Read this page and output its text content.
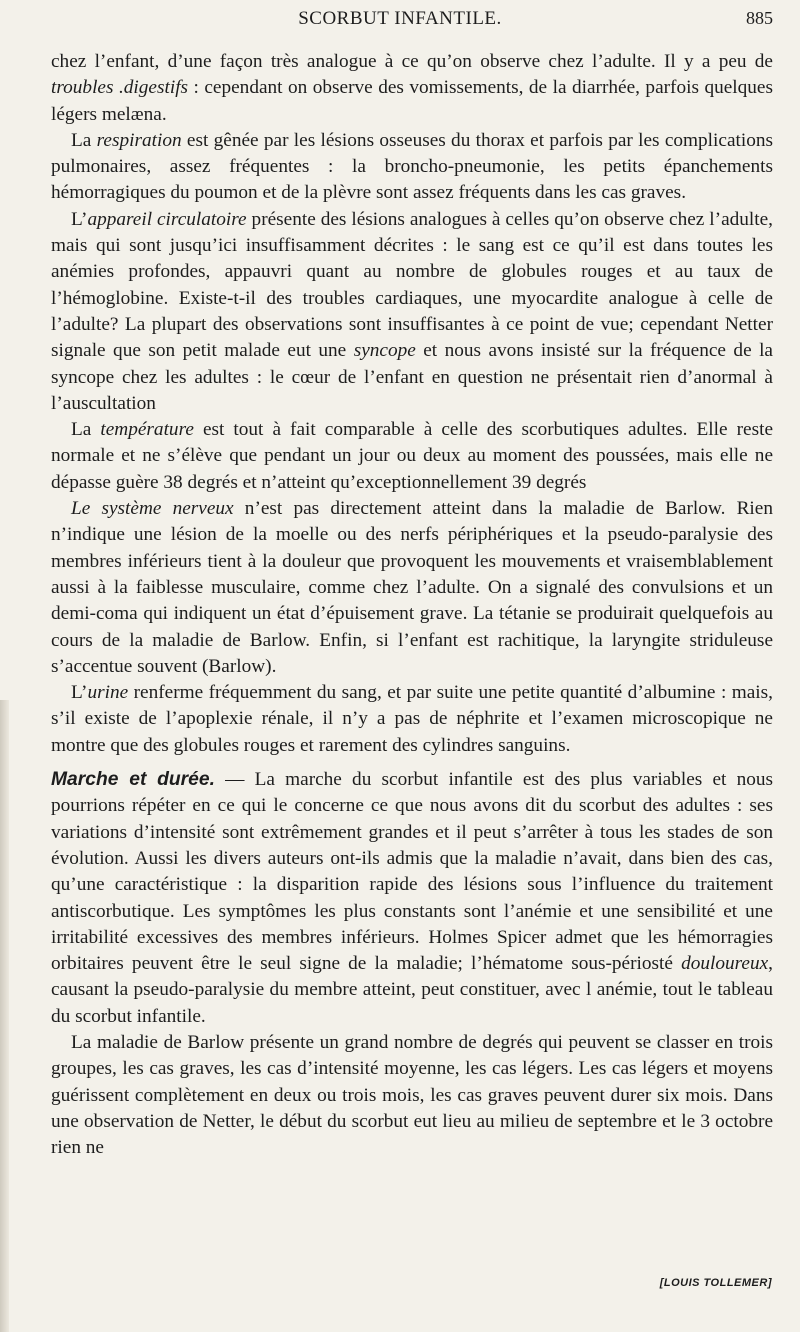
SCORBUT INFANTILE.	885

chez l’enfant, d’une façon très analogue à ce qu’on observe chez l’adulte. Il y a peu de troubles .digestifs : cependant on observe des vomissements, de la diarrhée, parfois quelques légers melæna.

La respiration est gênée par les lésions osseuses du thorax et parfois par les complications pulmonaires, assez fréquentes : la broncho-pneumonie, les petits épanchements hémorragiques du poumon et de la plèvre sont assez fréquents dans les cas graves.

L’appareil circulatoire présente des lésions analogues à celles qu’on observe chez l’adulte, mais qui sont jusqu’ici insuffisamment décrites : le sang est ce qu’il est dans toutes les anémies profondes, appauvri quant au nombre de globules rouges et au taux de l’hémoglobine. Existe-t-il des troubles cardiaques, une myocardite analogue à celle de l’adulte? La plupart des observations sont insuffisantes à ce point de vue; cependant Netter signale que son petit malade eut une syncope et nous avons insisté sur la fréquence de la syncope chez les adultes : le cœur de l’enfant en question ne présentait rien d’anormal à l’auscultation

La température est tout à fait comparable à celle des scorbutiques adultes. Elle reste normale et ne s’élève que pendant un jour ou deux au moment des poussées, mais elle ne dépasse guère 38 degrés et n’atteint qu’exceptionnellement 39 degrés

Le système nerveux n’est pas directement atteint dans la maladie de Barlow. Rien n’indique une lésion de la moelle ou des nerfs périphériques et la pseudo-paralysie des membres inférieurs tient à la douleur que provoquent les mouvements et vraisemblablement aussi à la faiblesse musculaire, comme chez l’adulte. On a signalé des convulsions et un demi-coma qui indiquent un état d’épuisement grave. La tétanie se produirait quelquefois au cours de la maladie de Barlow. Enfin, si l’enfant est rachitique, la laryngite striduleuse s’accentue souvent (Barlow).

L’urine renferme fréquemment du sang, et par suite une petite quantité d’albumine : mais, s’il existe de l’apoplexie rénale, il n’y a pas de néphrite et l’examen microscopique ne montre que des globules rouges et rarement des cylindres sanguins.

Marche et durée. — La marche du scorbut infantile est des plus variables et nous pourrions répéter en ce qui le concerne ce que nous avons dit du scorbut des adultes : ses variations d’intensité sont extrêmement grandes et il peut s’arrêter à tous les stades de son évolution. Aussi les divers auteurs ont-ils admis que la maladie n’avait, dans bien des cas, qu’une caractéristique : la disparition rapide des lésions sous l’influence du traitement antiscorbutique. Les symptômes les plus constants sont l’anémie et une sensibilité et une irritabilité excessives des membres inférieurs. Holmes Spicer admet que les hémorragies orbitaires peuvent être le seul signe de la maladie; l’hématome sous-périosté douloureux, causant la pseudo-paralysie du membre atteint, peut constituer, avec l anémie, tout le tableau du scorbut infantile.

La maladie de Barlow présente un grand nombre de degrés qui peuvent se classer en trois groupes, les cas graves, les cas d’intensité moyenne, les cas légers. Les cas légers et moyens guérissent complètement en deux ou trois mois, les cas graves peuvent durer six mois. Dans une observation de Netter, le début du scorbut eut lieu au milieu de septembre et le 3 octobre rien ne

[LOUIS TOLLEMER]
